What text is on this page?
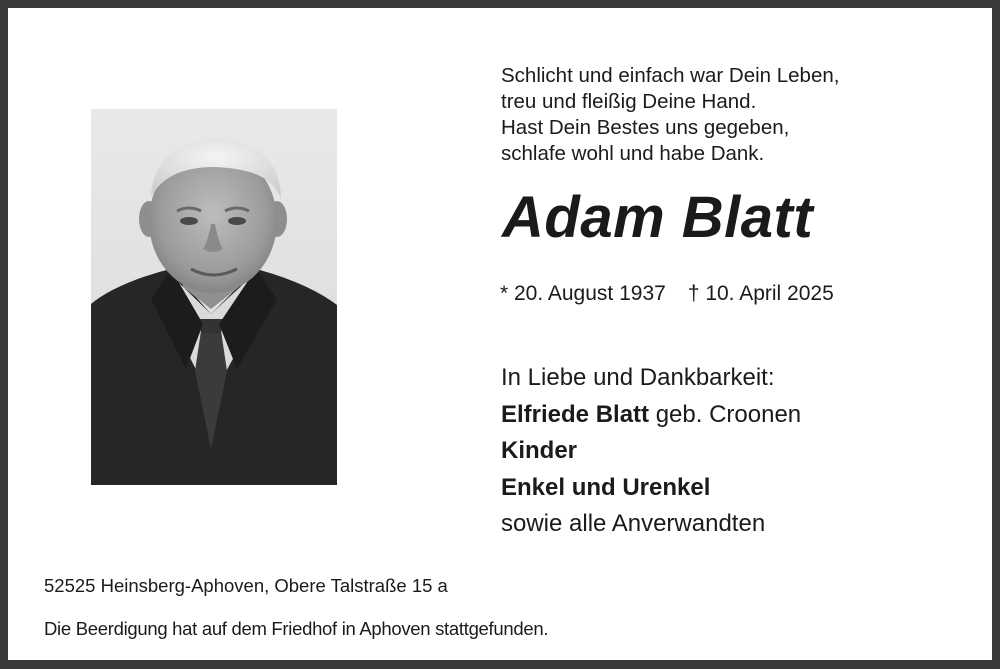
Schlicht und einfach war Dein Leben,
treu und fleißig Deine Hand.
Hast Dein Bestes uns gegeben,
schlafe wohl und habe Dank.
Adam Blatt
* 20. August 1937 † 10. April 2025
In Liebe und Dankbarkeit:
Elfriede Blatt geb. Croonen
Kinder
Enkel und Urenkel
sowie alle Anverwandten
52525 Heinsberg-Aphoven, Obere Talstraße 15 a
Die Beerdigung hat auf dem Friedhof in Aphoven stattgefunden.
